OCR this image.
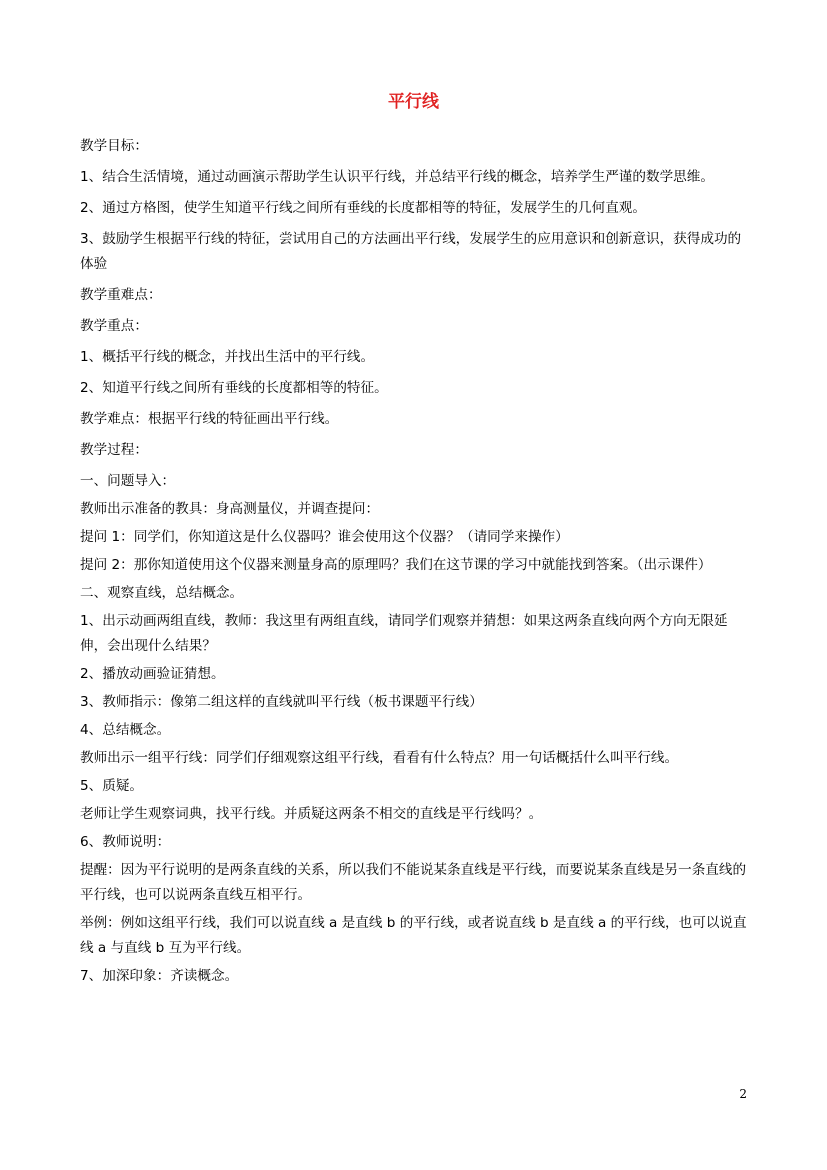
平行线

教学目标：

1、结合生活情境，通过动画演示帮助学生认识平行线，并总结平行线的概念，培养学生严谨的数学思维。

2、通过方格图，使学生知道平行线之间所有垂线的长度都相等的特征，发展学生的几何直观。

3、鼓励学生根据平行线的特征，尝试用自己的方法画出平行线，发展学生的应用意识和创新意识，获得成功的体验

教学重难点：

教学重点：

1、概括平行线的概念，并找出生活中的平行线。

2、知道平行线之间所有垂线的长度都相等的特征。

教学难点：根据平行线的特征画出平行线。

教学过程：

一、问题导入：

教师出示准备的教具：身高测量仪，并调查提问：

提问 1：同学们，你知道这是什么仪器吗？谁会使用这个仪器？（请同学来操作）

提问 2：那你知道使用这个仪器来测量身高的原理吗？我们在这节课的学习中就能找到答案。（出示课件）

二、观察直线，总结概念。

1、出示动画两组直线，教师：我这里有两组直线，请同学们观察并猜想：如果这两条直线向两个方向无限延伸，会出现什么结果？

2、播放动画验证猜想。

3、教师指示：像第二组这样的直线就叫平行线（板书课题平行线）

4、总结概念。

教师出示一组平行线：同学们仔细观察这组平行线，看看有什么特点？用一句话概括什么叫平行线。

5、质疑。

老师让学生观察词典，找平行线。并质疑这两条不相交的直线是平行线吗？。

6、教师说明：

提醒：因为平行说明的是两条直线的关系，所以我们不能说某条直线是平行线，而要说某条直线是另一条直线的平行线，也可以说两条直线互相平行。

举例：例如这组平行线，我们可以说直线 a 是直线 b 的平行线，或者说直线 b 是直线 a 的平行线，也可以说直线 a 与直线 b 互为平行线。

7、加深印象：齐读概念。

2
